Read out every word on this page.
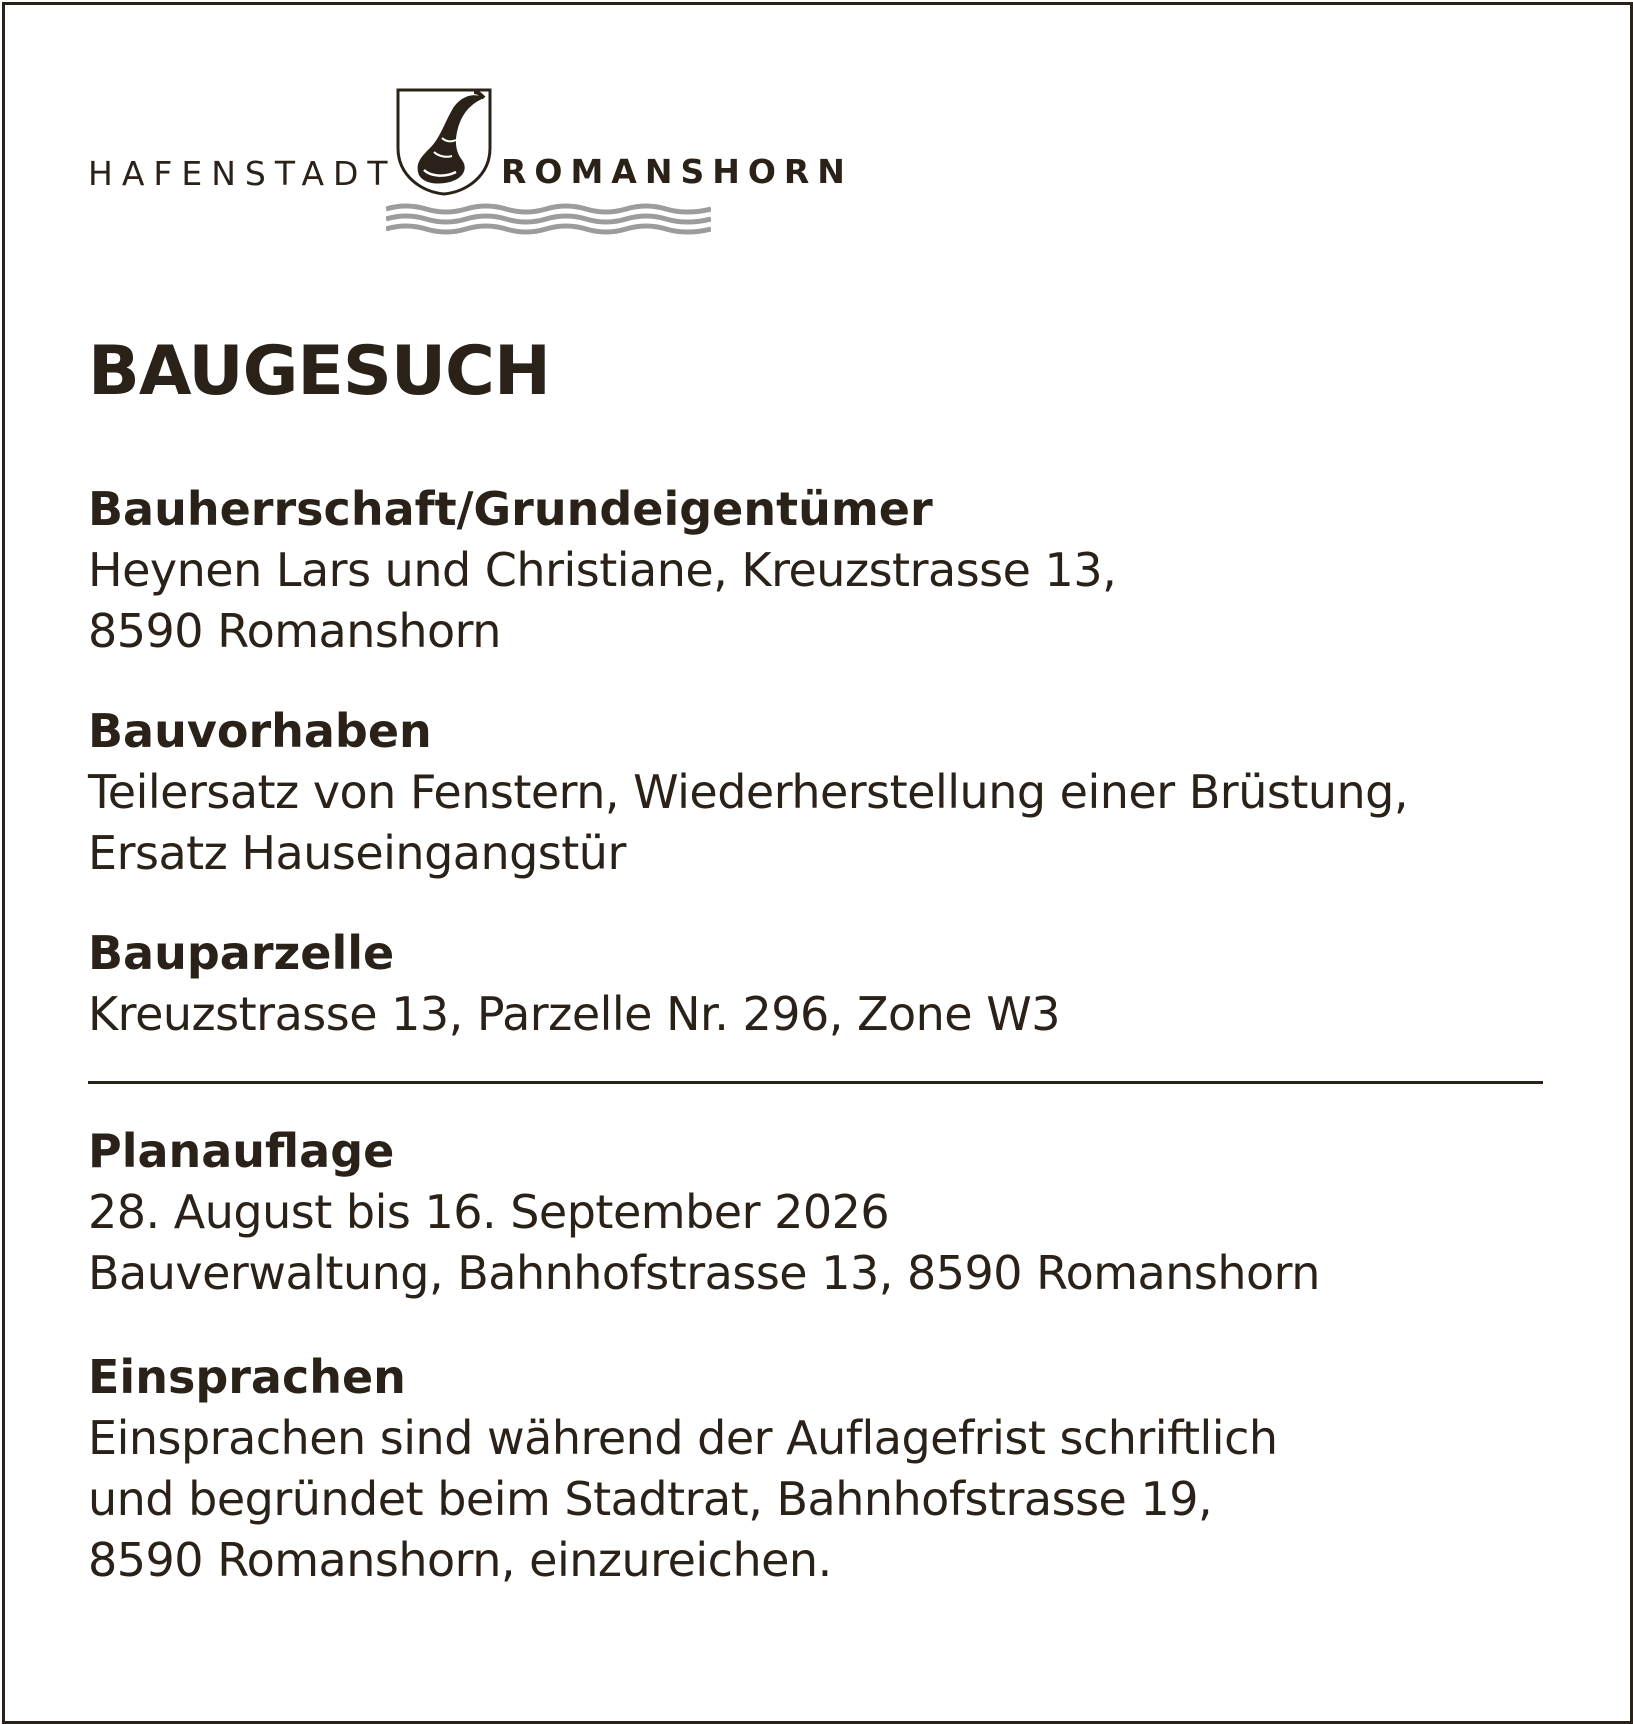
HAFENSTADT	ROMANSHORN
BAUGESUCH
Bauherrschaft/Grundeigentümer
Heynen Lars und Christiane, Kreuzstrasse 13,
8590 Romanshorn
Bauvorhaben
Teilersatz von Fenstern, Wiederherstellung einer Brüstung,
Ersatz Hauseingangstür
Bauparzelle
Kreuzstrasse 13, Parzelle Nr. 296, Zone W3
Planauflage
28. August bis 16. September 2026
Bauverwaltung, Bahnhofstrasse 13, 8590 Romanshorn
Einsprachen
Einsprachen sind während der Auflagefrist schriftlich
und begründet beim Stadtrat, Bahnhofstrasse 19,
8590 Romanshorn, einzureichen.
